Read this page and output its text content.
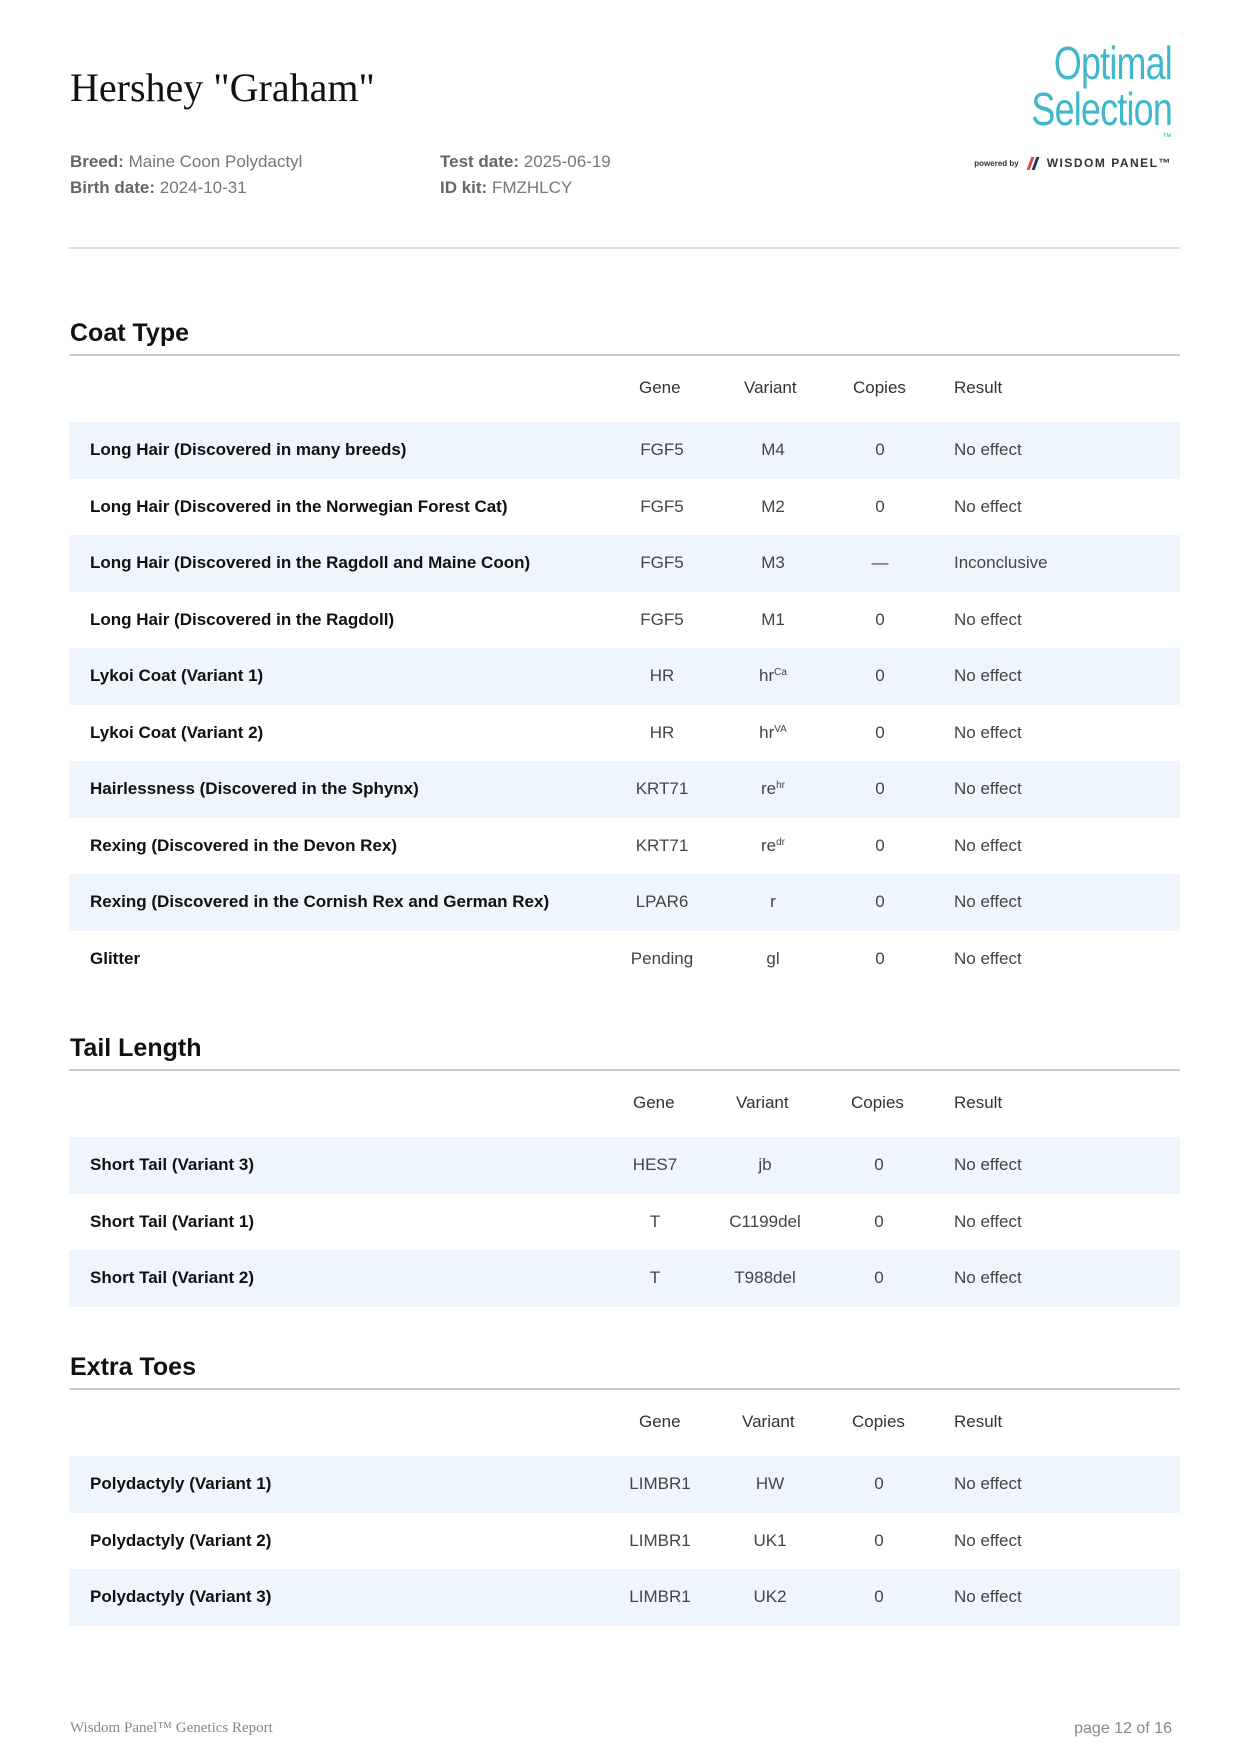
Hershey "Graham"	Optimal Selection™
powered by WISDOM PANEL™
Breed: Maine Coon Polydactyl
Birth date: 2024-10-31
Test date: 2025-06-19
ID kit: FMZHLCY
Coat Type
Gene	Variant	Copies	Result
Long Hair (Discovered in many breeds)	FGF5	M4	0	No effect
Long Hair (Discovered in the Norwegian Forest Cat)	FGF5	M2	0	No effect
Long Hair (Discovered in the Ragdoll and Maine Coon)	FGF5	M3	—	Inconclusive
Long Hair (Discovered in the Ragdoll)	FGF5	M1	0	No effect
Lykoi Coat (Variant 1)	HR	$hr^{Ca}$	0	No effect
Lykoi Coat (Variant 2)	HR	$hr^{VA}$	0	No effect
Hairlessness (Discovered in the Sphynx)	KRT71	$re^{hr}$	0	No effect
Rexing (Discovered in the Devon Rex)	KRT71	$re^{dr}$	0	No effect
Rexing (Discovered in the Cornish Rex and German Rex)	LPAR6	r	0	No effect
Glitter	Pending	gl	0	No effect
Tail Length
Gene	Variant	Copies	Result
Short Tail (Variant 3)	HES7	jb	0	No effect
Short Tail (Variant 1)	T	C1199del	0	No effect
Short Tail (Variant 2)	T	T988del	0	No effect
Extra Toes
Gene	Variant	Copies	Result
Polydactyly (Variant 1)	LIMBR1	HW	0	No effect
Polydactyly (Variant 2)	LIMBR1	UK1	0	No effect
Polydactyly (Variant 3)	LIMBR1	UK2	0	No effect
Wisdom Panel™ Genetics Report	page 12 of 16
